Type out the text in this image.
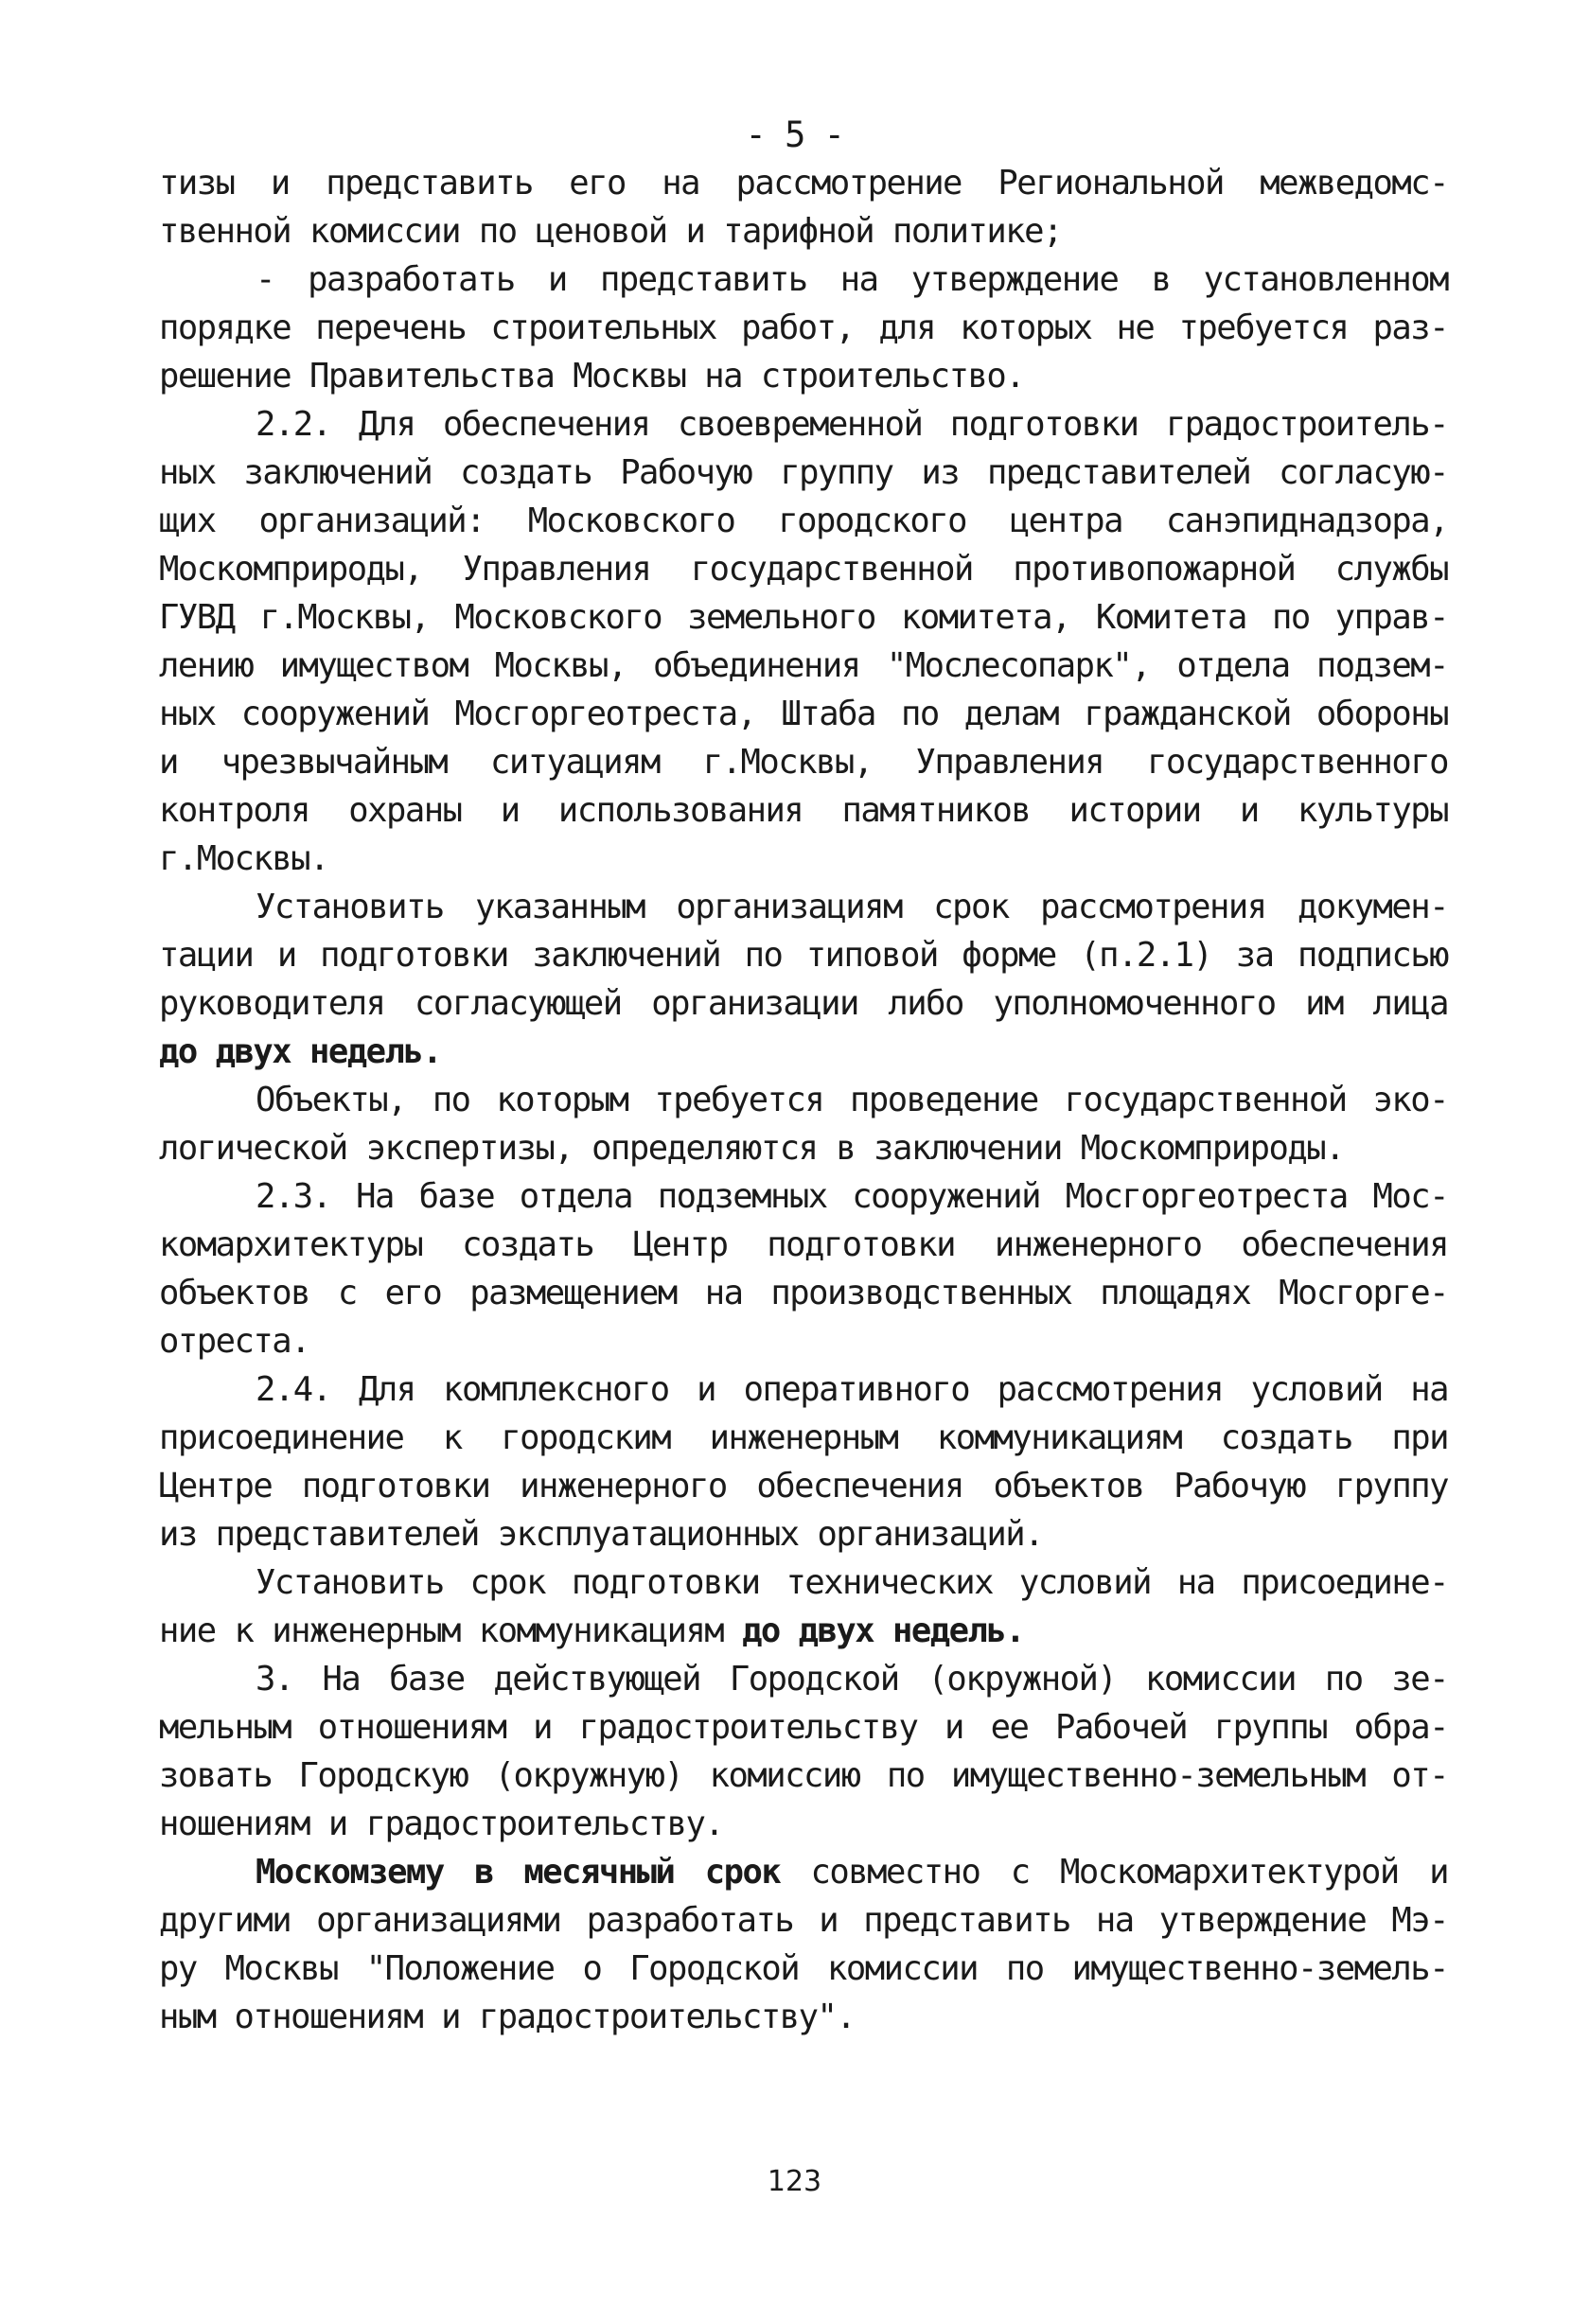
- 5 -
тизы и представить его на рассмотрение Региональной межведомс-
твенной комиссии по ценовой и тарифной политике;
- разработать и представить на утверждение в установленном
порядке перечень строительных работ, для которых не требуется раз-
решение Правительства Москвы на строительство.
2.2. Для обеспечения своевременной подготовки градостроитель-
ных заключений создать Рабочую группу из представителей согласую-
щих организаций: Московского городского центра санэпиднадзора,
Москомприроды, Управления государственной противопожарной службы
ГУВД г.Москвы, Московского земельного комитета, Комитета по управ-
лению имуществом Москвы, объединения "Мослесопарк", отдела подзем-
ных сооружений Мосгоргеотреста, Штаба по делам гражданской обороны
и чрезвычайным ситуациям г.Москвы, Управления государственного
контроля охраны и использования памятников истории и культуры
г.Москвы.
Установить указанным организациям срок рассмотрения докумен-
тации и подготовки заключений по типовой форме (п.2.1) за подписью
руководителя согласующей организации либо уполномоченного им лица
до двух недель.
Объекты, по которым требуется проведение государственной эко-
логической экспертизы, определяются в заключении Москомприроды.
2.3. На базе отдела подземных сооружений Мосгоргеотреста Мос-
комархитектуры создать Центр подготовки инженерного обеспечения
объектов с его размещением на производственных площадях Мосгорге-
отреста.
2.4. Для комплексного и оперативного рассмотрения условий на
присоединение к городским инженерным коммуникациям создать при
Центре подготовки инженерного обеспечения объектов Рабочую группу
из представителей эксплуатационных организаций.
Установить срок подготовки технических условий на присоедине-
ние к инженерным коммуникациям до двух недель.
3. На базе действующей Городской (окружной) комиссии по зе-
мельным отношениям и градостроительству и ее Рабочей группы обра-
зовать Городскую (окружную) комиссию по имущественно-земельным от-
ношениям и градостроительству.
Москомзему в месячный срок совместно с Москомархитектурой и
другими организациями разработать и представить на утверждение Мэ-
ру Москвы "Положение о Городской комиссии по имущественно-земель-
ным отношениям и градостроительству".
123
